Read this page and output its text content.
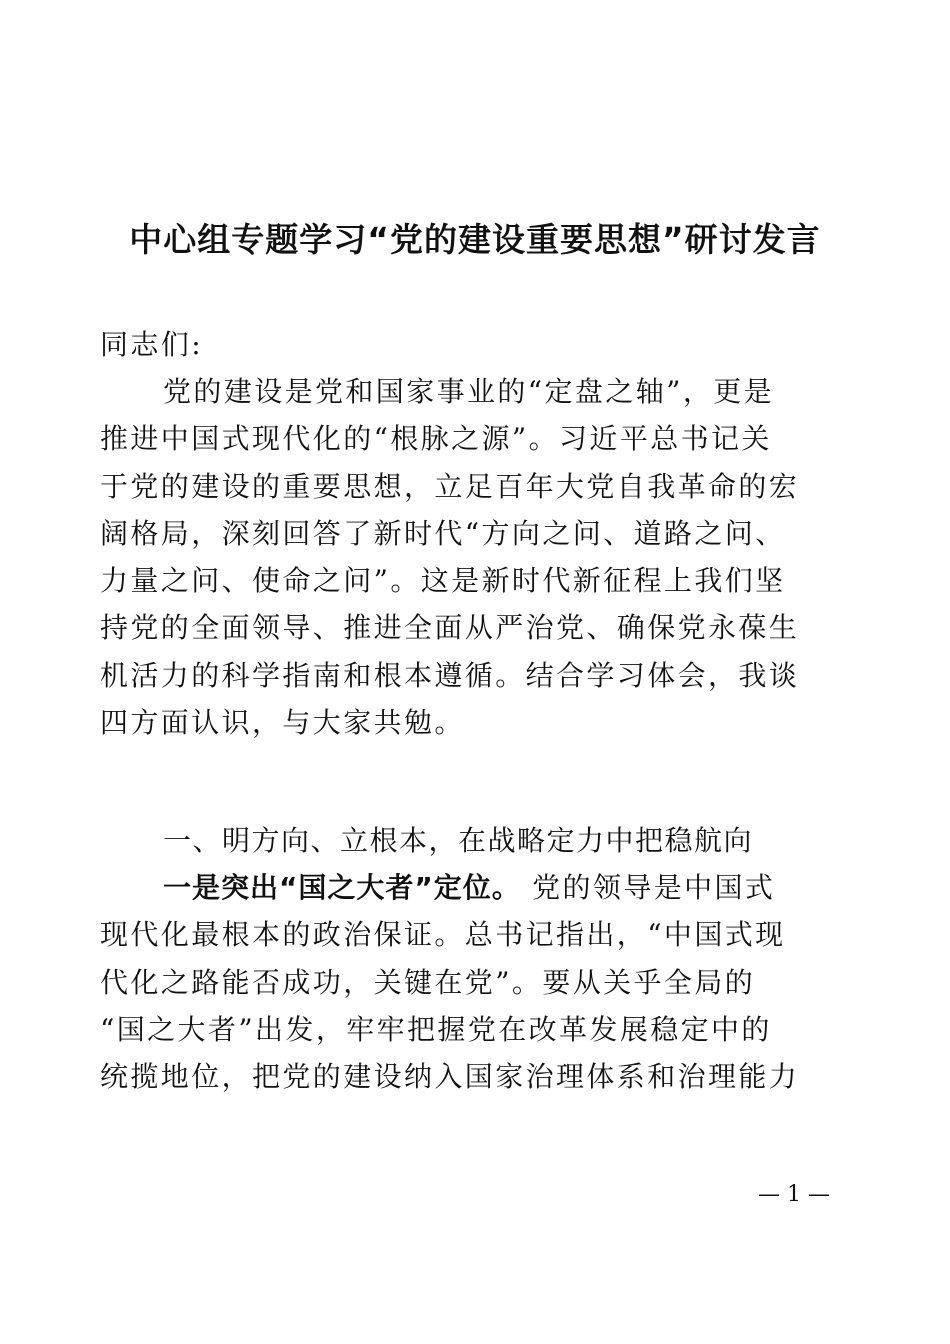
中心组专题学习“党的建设重要思想”研讨发言
同志们:
党的建设是党和国家事业的“定盘之轴”，更是
推进中国式现代化的“根脉之源”。习近平总书记关
于党的建设的重要思想，立足百年大党自我革命的宏
阔格局，深刻回答了新时代“方向之问、道路之问、
力量之问、使命之问”。这是新时代新征程上我们坚
持党的全面领导、推进全面从严治党、确保党永葆生
机活力的科学指南和根本遵循。结合学习体会，我谈
四方面认识，与大家共勉。
一、明方向、立根本，在战略定力中把稳航向
一是突出“国之大者”定位。 党的领导是中国式
现代化最根本的政治保证。总书记指出，“中国式现
代化之路能否成功，关键在党”。要从关乎全局的
“国之大者”出发，牢牢把握党在改革发展稳定中的
统揽地位，把党的建设纳入国家治理体系和治理能力
— 1 —
